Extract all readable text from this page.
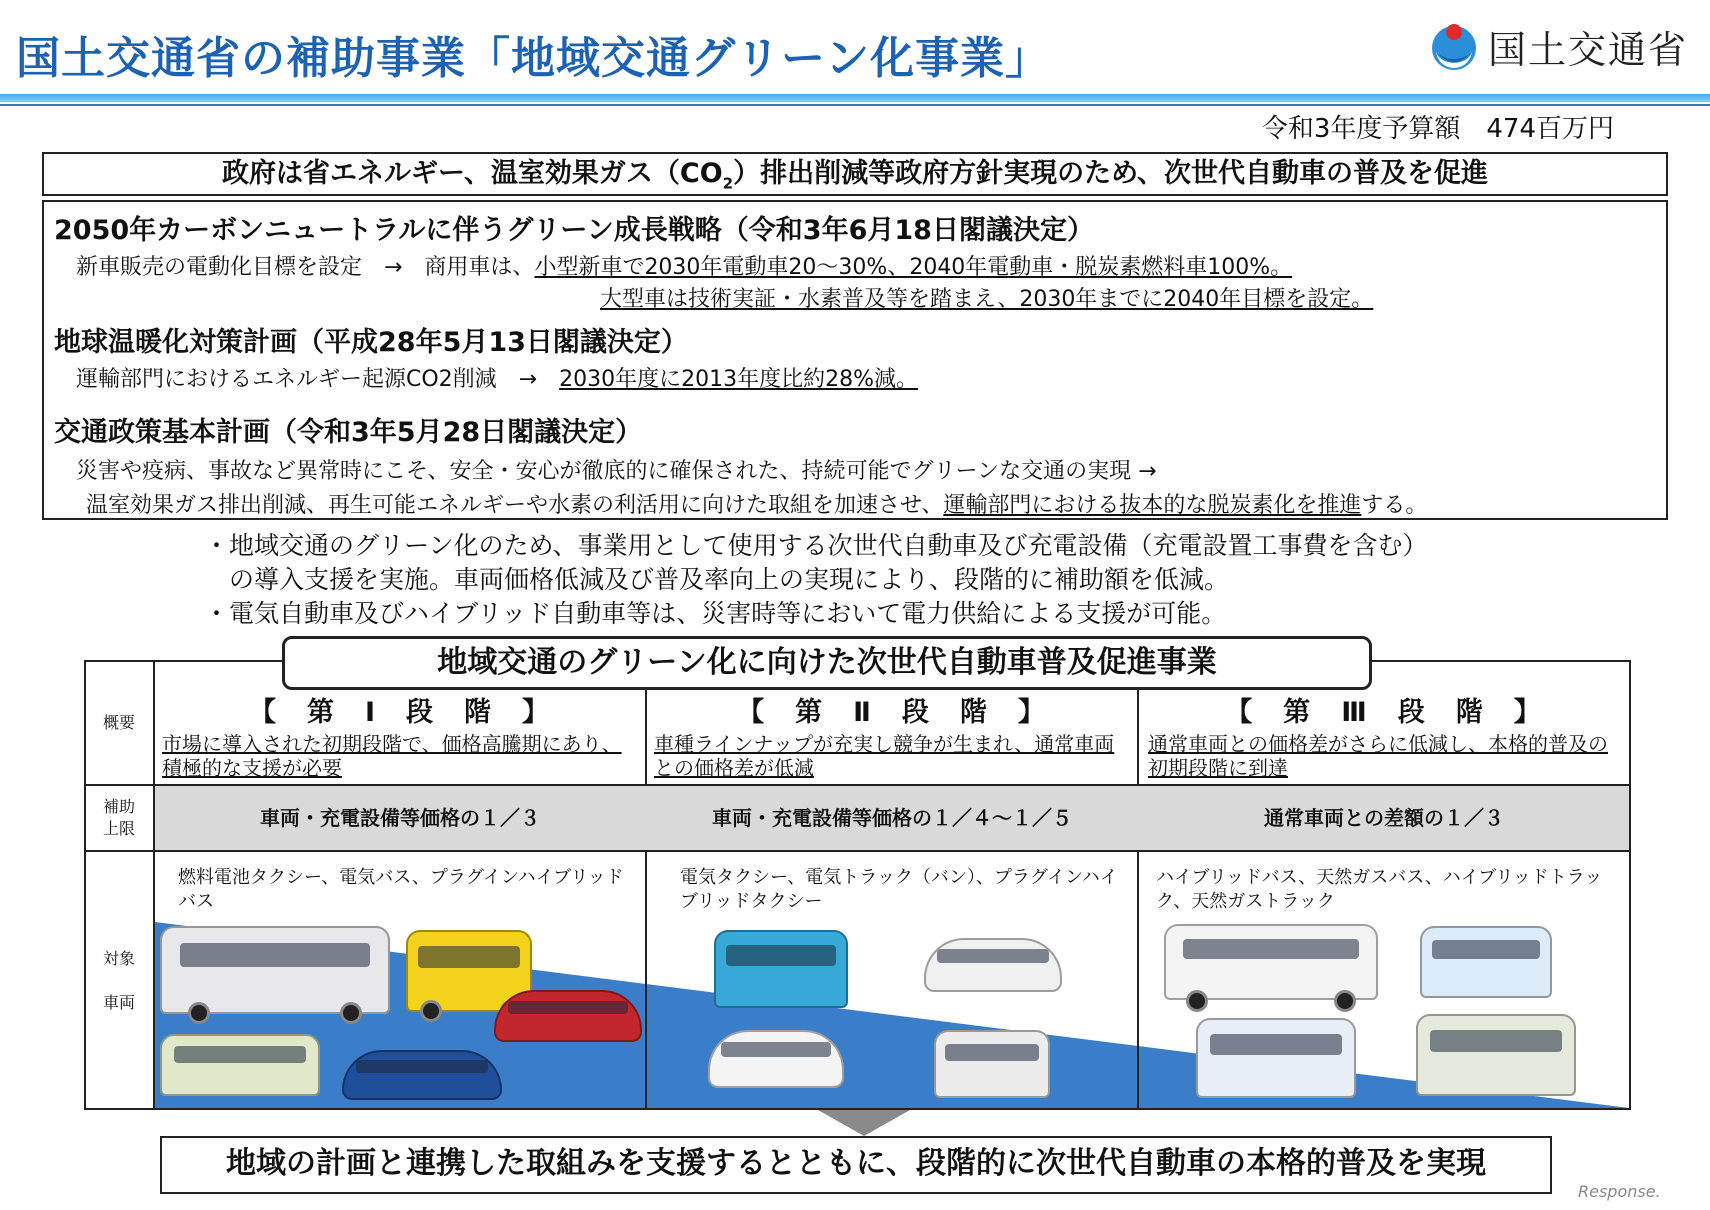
国土交通省の補助事業「地域交通グリーン化事業」	国土交通省
令和3年度予算額　474百万円
政府は省エネルギー、温室効果ガス$(CO_2)$排出削減等政府方針実現のため、次世代自動車の普及を促進
2050年カーボンニュートラルに伴うグリーン成長戦略（令和3年6月18日閣議決定）
新車販売の電動化目標を設定　→　商用車は、小型新車で2030年電動車20～30%、2040年電動車・脱炭素燃料車100%。
大型車は技術実証・水素普及等を踏まえ、2030年までに2040年目標を設定。
地球温暖化対策計画（平成28年5月13日閣議決定）
運輸部門におけるエネルギー起源CO2削減　→　2030年度に2013年度比約28%減。
交通政策基本計画（令和3年5月28日閣議決定）
災害や疫病、事故など異常時にこそ、安全・安心が徹底的に確保された、持続可能でグリーンな交通の実現 →
温室効果ガス排出削減、再生可能エネルギーや水素の利活用に向けた取組を加速させ、運輸部門における抜本的な脱炭素化を推進する。
・地域交通のグリーン化のため、事業用として使用する次世代自動車及び充電設備（充電設置工事費を含む）
　の導入支援を実施。車両価格低減及び普及率向上の実現により、段階的に補助額を低減。
・電気自動車及びハイブリッド自動車等は、災害時等において電力供給による支援が可能。
地域交通のグリーン化に向けた次世代自動車普及促進事業
概要
補助
上限
対象

車両
【　第　Ⅰ　段　階　】
市場に導入された初期段階で、価格高騰期にあり、積極的な支援が必要
車両・充電設備等価格の１／３
燃料電池タクシー、電気バス、プラグインハイブリッドバス
【　第　Ⅱ　段　階　】
車種ラインナップが充実し競争が生まれ、通常車両との価格差が低減
車両・充電設備等価格の１／４～１／５
電気タクシー、電気トラック（バン）、プラグインハイブリッドタクシー
【　第　Ⅲ　段　階　】
通常車両との価格差がさらに低減し、本格的普及の初期段階に到達
通常車両との差額の１／３
ハイブリッドバス、天然ガスバス、ハイブリッドトラック、天然ガストラック
地域の計画と連携した取組みを支援するとともに、段階的に次世代自動車の本格的普及を実現
Response.
